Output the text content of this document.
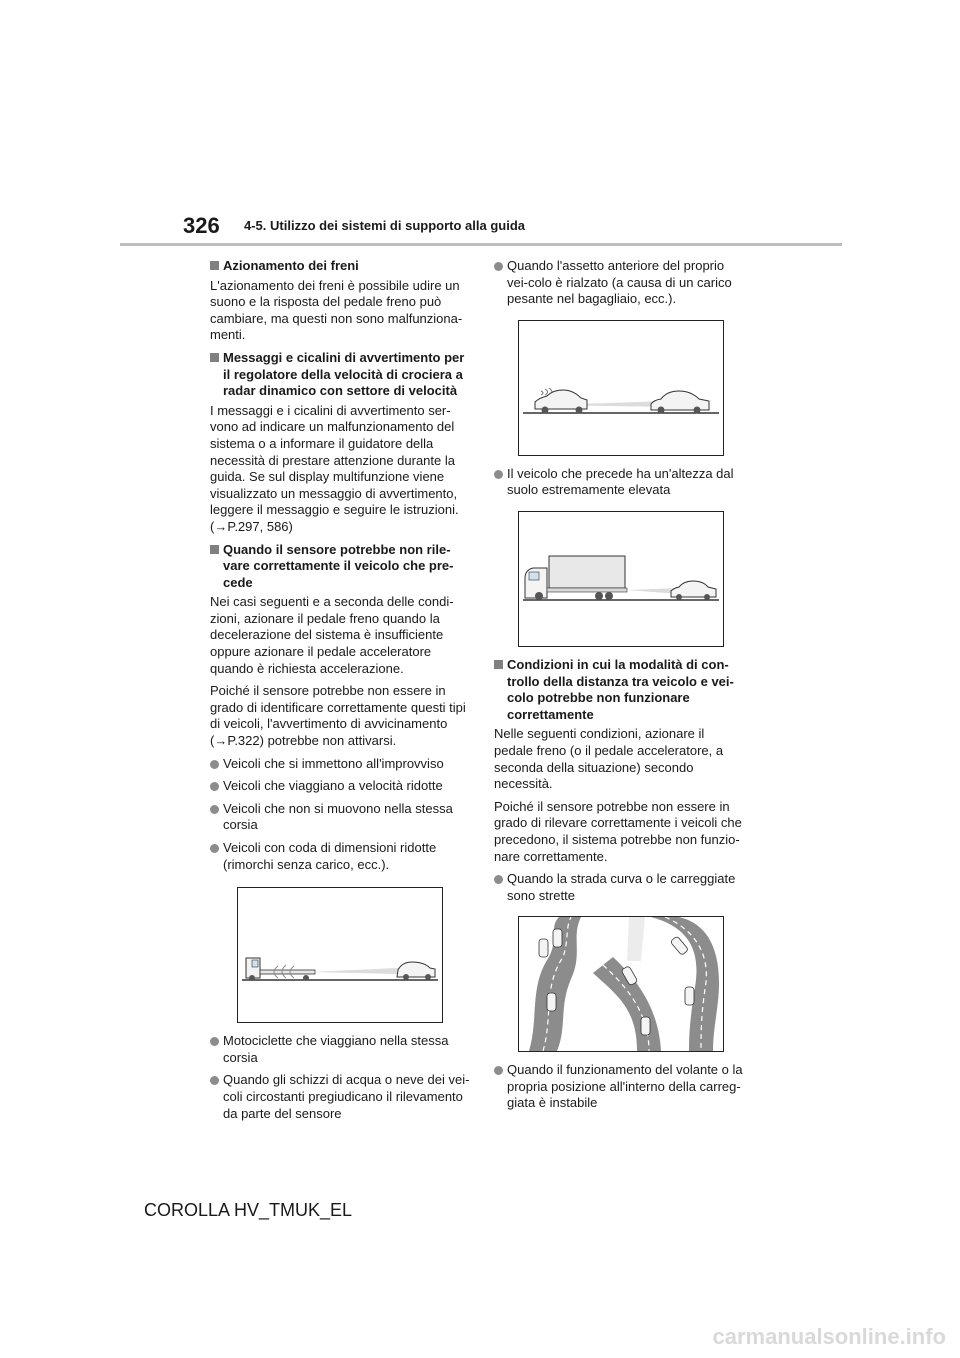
326 4-5. Utilizzo dei sistemi di supporto alla guida
Azionamento dei freni
L'azionamento dei freni è possibile udire un suono e la risposta del pedale freno può cambiare, ma questi non sono malfunziona-menti.
Messaggi e cicalini di avvertimento per il regolatore della velocità di crociera a radar dinamico con settore di velocità
I messaggi e i cicalini di avvertimento ser-vono ad indicare un malfunzionamento del sistema o a informare il guidatore della necessità di prestare attenzione durante la guida. Se sul display multifunzione viene visualizzato un messaggio di avvertimento, leggere il messaggio e seguire le istruzioni. (→P.297, 586)
Quando il sensore potrebbe non rile-vare correttamente il veicolo che pre-cede
Nei casi seguenti e a seconda delle condi-zioni, azionare il pedale freno quando la decelerazione del sistema è insufficiente oppure azionare il pedale acceleratore quando è richiesta accelerazione.
Poiché il sensore potrebbe non essere in grado di identificare correttamente questi tipi di veicoli, l'avvertimento di avvicinamento (→P.322) potrebbe non attivarsi.
Veicoli che si immettono all'improvviso
Veicoli che viaggiano a velocità ridotte
Veicoli che non si muovono nella stessa corsia
Veicoli con coda di dimensioni ridotte (rimorchi senza carico, ecc.).
Motociclette che viaggiano nella stessa corsia
Quando gli schizzi di acqua o neve dei vei-coli circostanti pregiudicano il rilevamento da parte del sensore
Quando l'assetto anteriore del proprio vei-colo è rialzato (a causa di un carico pesante nel bagagliaio, ecc.).
Il veicolo che precede ha un'altezza dal suolo estremamente elevata
Condizioni in cui la modalità di con-trollo della distanza tra veicolo e vei-colo potrebbe non funzionare correttamente
Nelle seguenti condizioni, azionare il pedale freno (o il pedale acceleratore, a seconda della situazione) secondo necessità.
Poiché il sensore potrebbe non essere in grado di rilevare correttamente i veicoli che precedono, il sistema potrebbe non funzio-nare correttamente.
Quando la strada curva o le carreggiate sono strette
Quando il funzionamento del volante o la propria posizione all'interno della carreg-giata è instabile
COROLLA HV_TMUK_EL
carmanualsonline.info
